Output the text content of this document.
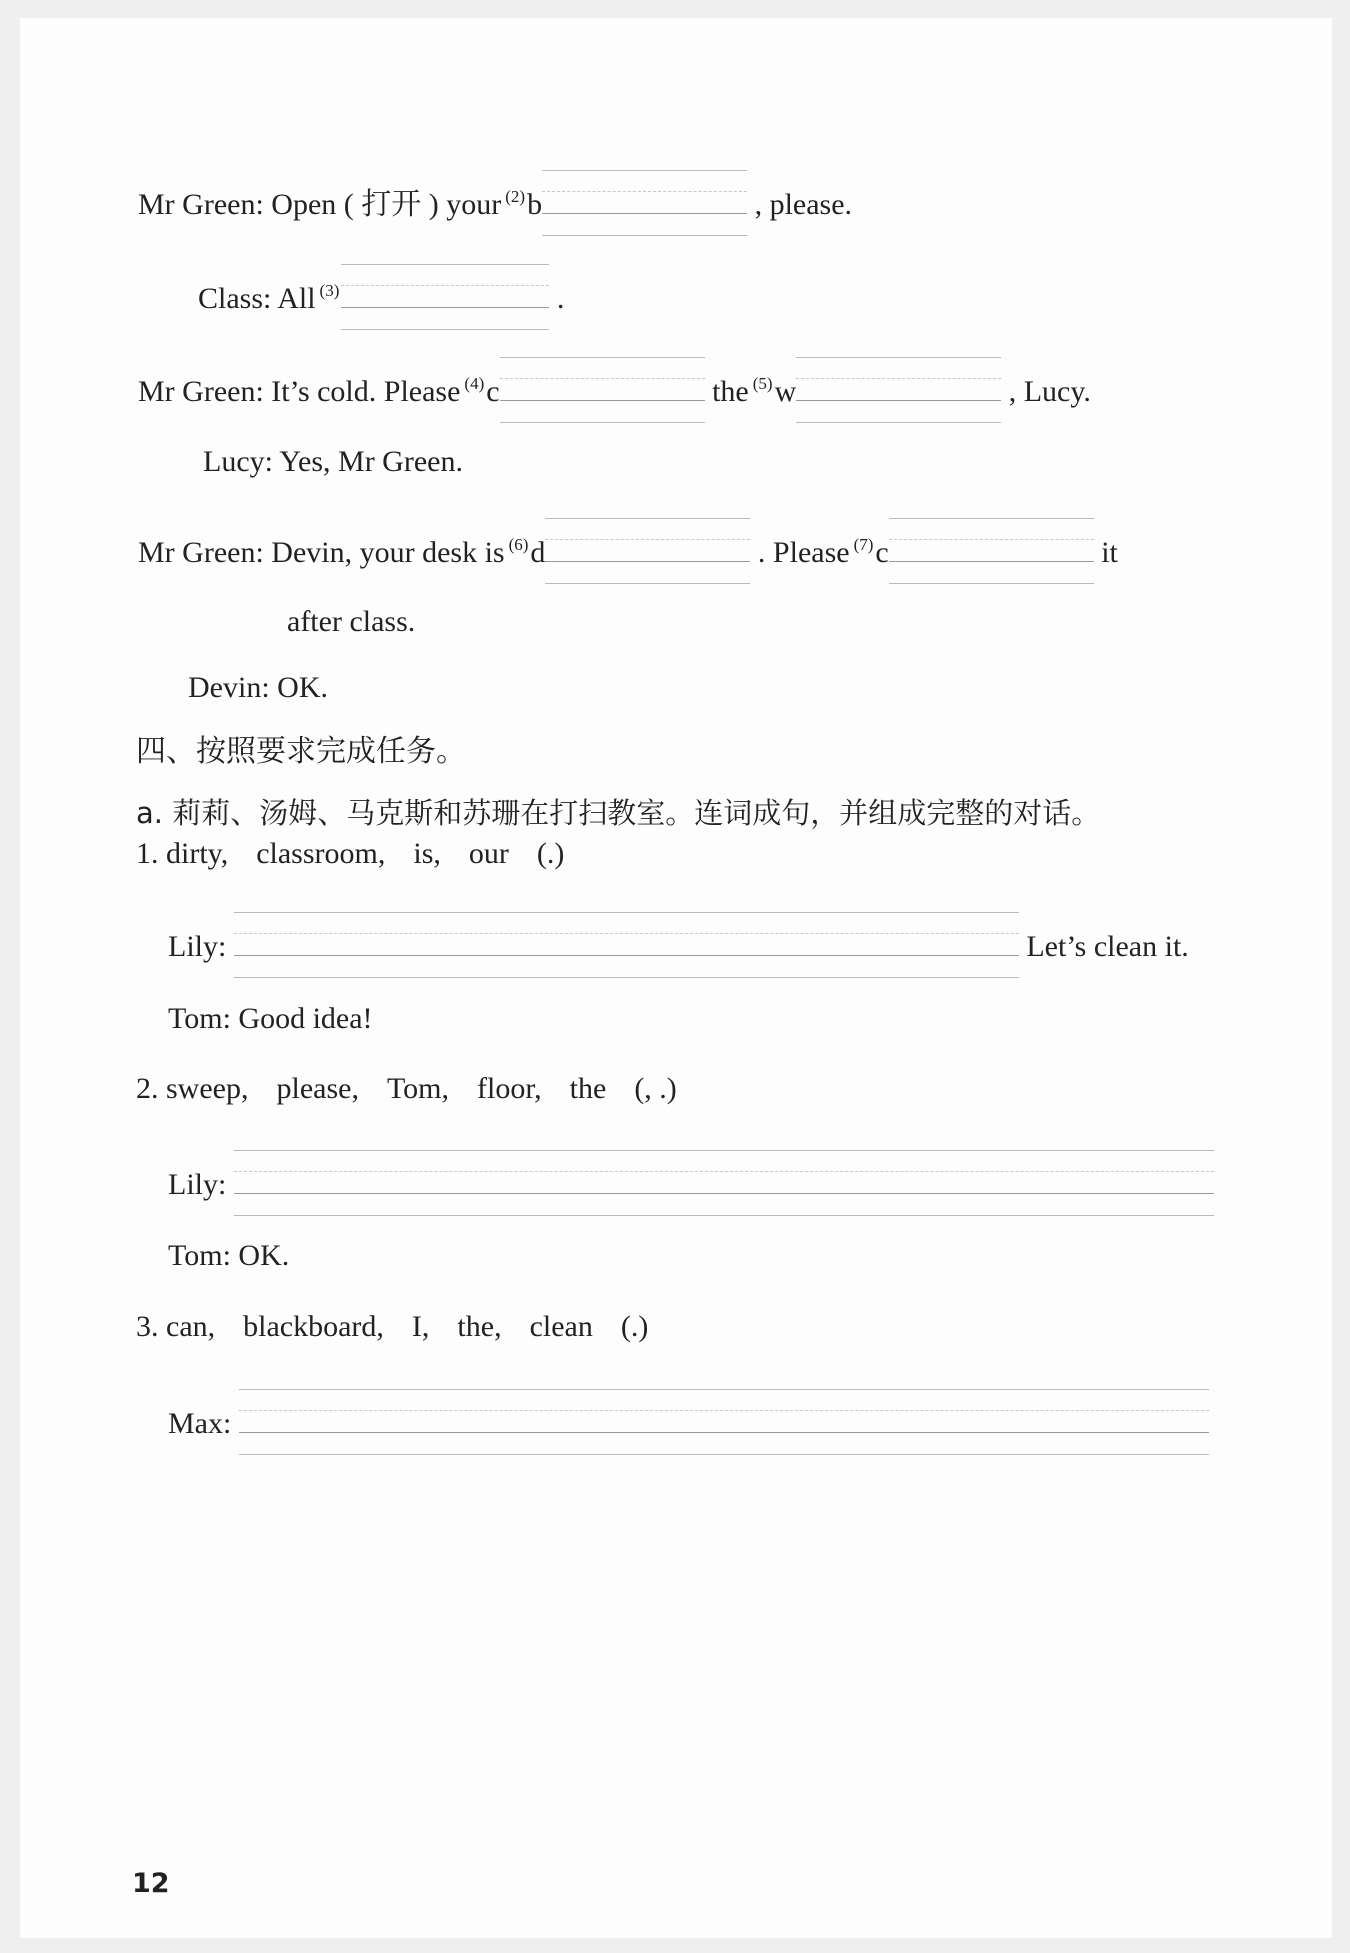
Mr Green: Open ( 打开 ) your $^{(2)}$b	, please.
Class: All $^{(3)}$	.
Mr Green: It’s cold. Please $^{(4)}$c	the $^{(5)}$w	, Lucy.
Lucy: Yes, Mr Green.
Mr Green: Devin, your desk is $^{(6)}$d	. Please $^{(7)}$c	it
after class.
Devin: OK.
四、按照要求完成任务。
a. 莉莉、汤姆、马克斯和苏珊在打扫教室。连词成句，并组成完整的对话。
1. dirty, classroom, is, our (.)
Lily:	Let’s clean it.
Tom: Good idea!
2. sweep, please, Tom, floor, the (, .)
Lily:
Tom: OK.
3. can, blackboard, I, the, clean (.)
Max:
12
